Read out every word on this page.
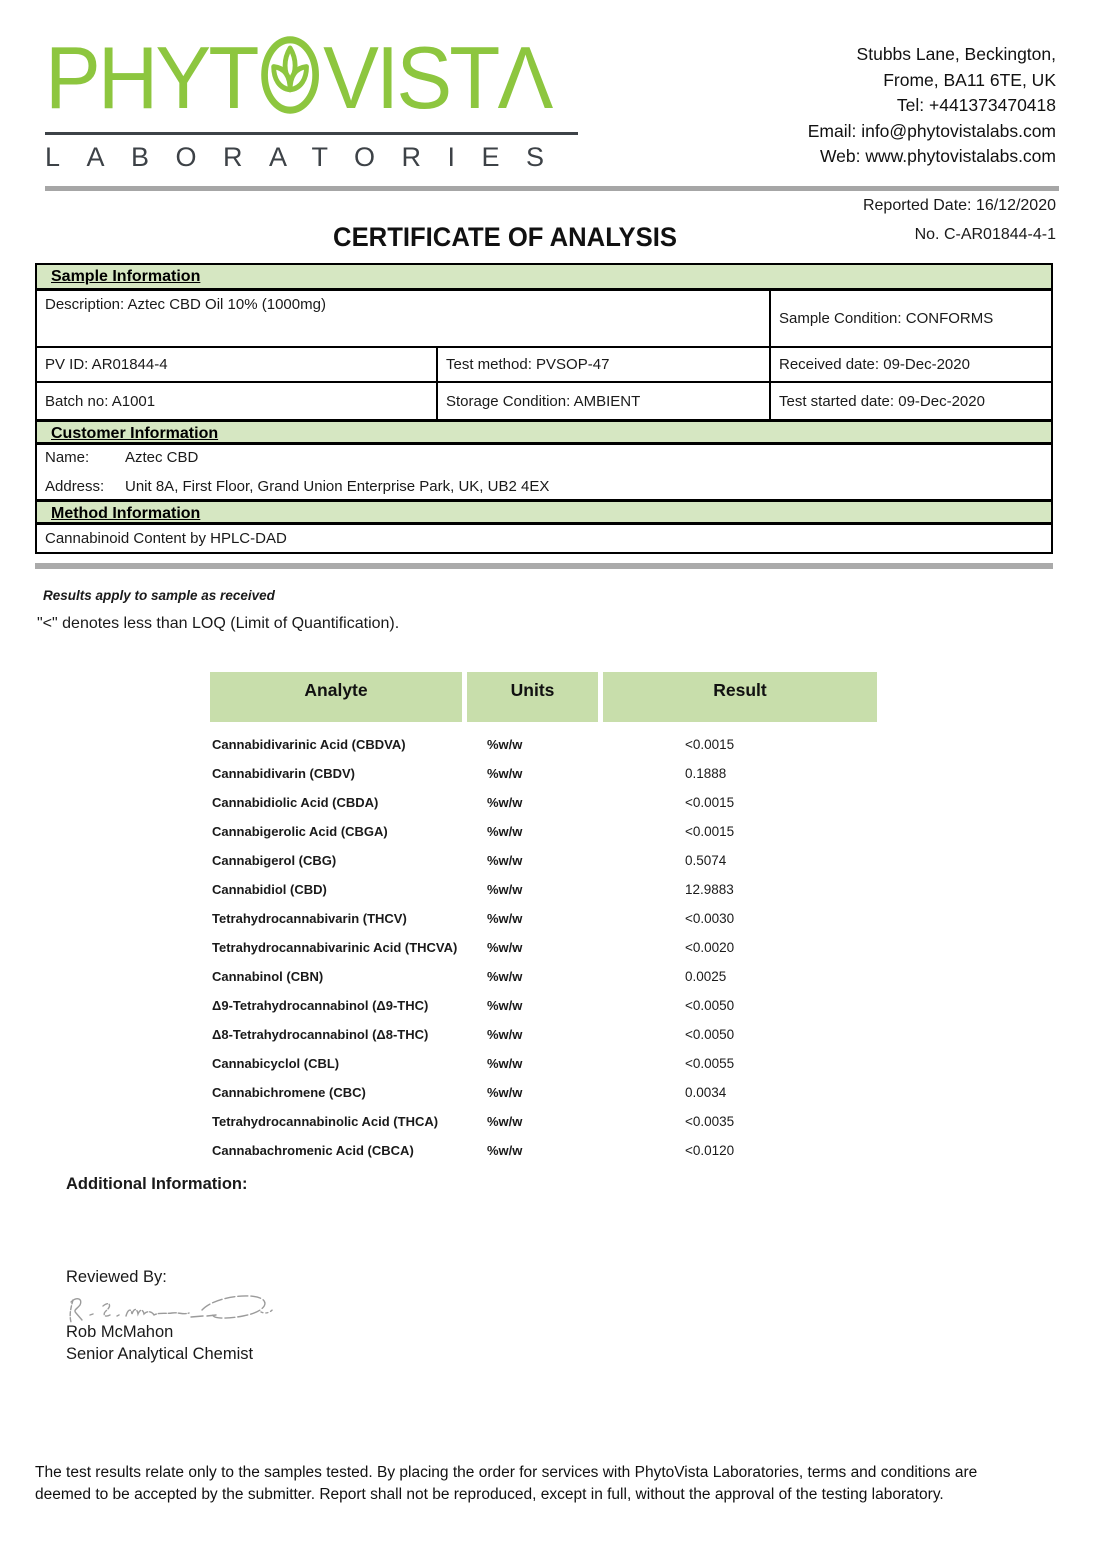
PHYT VISTΛ
LABORATORIES
Stubbs Lane, Beckington,
Frome, BA11 6TE, UK
Tel: +441373470418
Email: info@phytovistalabs.com
Web: www.phytovistalabs.com
Reported Date: 16/12/2020
No. C-AR01844-4-1
CERTIFICATE OF ANALYSIS
Sample Information
Description: Aztec CBD Oil 10% (1000mg)
Sample Condition: CONFORMS
PV ID: AR01844-4	Test method: PVSOP-47	Received date: 09-Dec-2020
Batch no: A1001	Storage Condition: AMBIENT	Test started date: 09-Dec-2020
Customer Information
Name:	Aztec CBD
Address:	Unit 8A, First Floor, Grand Union Enterprise Park, UK, UB2 4EX
Method Information
Cannabinoid Content by HPLC-DAD
Results apply to sample as received
"<" denotes less than LOQ (Limit of Quantification).
Analyte	Units	Result
Cannabidivarinic Acid (CBDVA)	%w/w	<0.0015
Cannabidivarin (CBDV)	%w/w	0.1888
Cannabidiolic Acid (CBDA)	%w/w	<0.0015
Cannabigerolic Acid (CBGA)	%w/w	<0.0015
Cannabigerol (CBG)	%w/w	0.5074
Cannabidiol (CBD)	%w/w	12.9883
Tetrahydrocannabivarin (THCV)	%w/w	<0.0030
Tetrahydrocannabivarinic Acid (THCVA)	%w/w	<0.0020
Cannabinol (CBN)	%w/w	0.0025
Δ9-Tetrahydrocannabinol (Δ9-THC)	%w/w	<0.0050
Δ8-Tetrahydrocannabinol (Δ8-THC)	%w/w	<0.0050
Cannabicyclol (CBL)	%w/w	<0.0055
Cannabichromene (CBC)	%w/w	0.0034
Tetrahydrocannabinolic Acid (THCA)	%w/w	<0.0035
Cannabachromenic Acid (CBCA)	%w/w	<0.0120
Additional Information:
Reviewed By:
Rob McMahon
Senior Analytical Chemist
The test results relate only to the samples tested. By placing the order for services with PhytoVista Laboratories, terms and conditions are
deemed to be accepted by the submitter. Report shall not be reproduced, except in full, without the approval of the testing laboratory.
